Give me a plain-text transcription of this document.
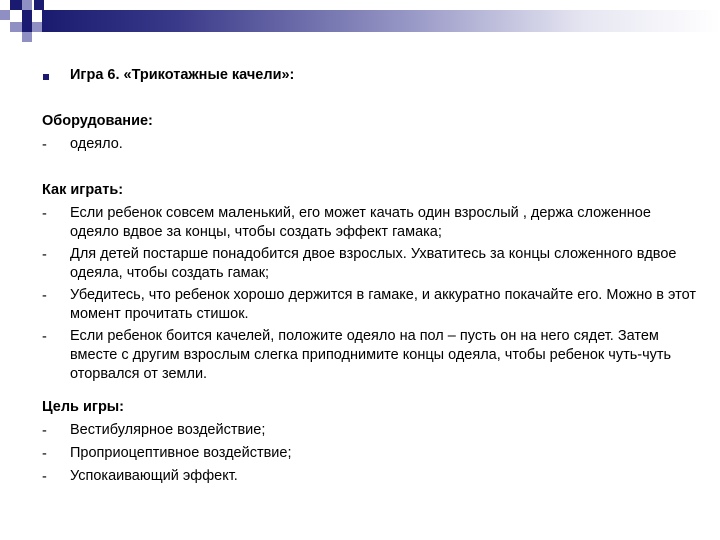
Игра 6. «Трикотажные качели»:

Оборудование:

-	одеяло.

Как играть:

-	Если ребенок совсем маленький, его может качать один взрослый , держа сложенное одеяло вдвое за концы, чтобы создать эффект гамака;
-	Для детей постарше понадобится двое взрослых. Ухватитесь за концы сложенного вдвое одеяла, чтобы создать гамак;
-	Убедитесь, что ребенок хорошо держится в гамаке, и аккуратно покачайте его. Можно в этот момент прочитать стишок.
-	Если ребенок боится качелей, положите одеяло на пол – пусть он на него сядет. Затем вместе с другим взрослым слегка приподнимите концы одеяла, чтобы ребенок чуть-чуть оторвался от земли.

Цель игры:

-	Вестибулярное воздействие;
-	Проприоцептивное воздействие;
-	Успокаивающий эффект.
